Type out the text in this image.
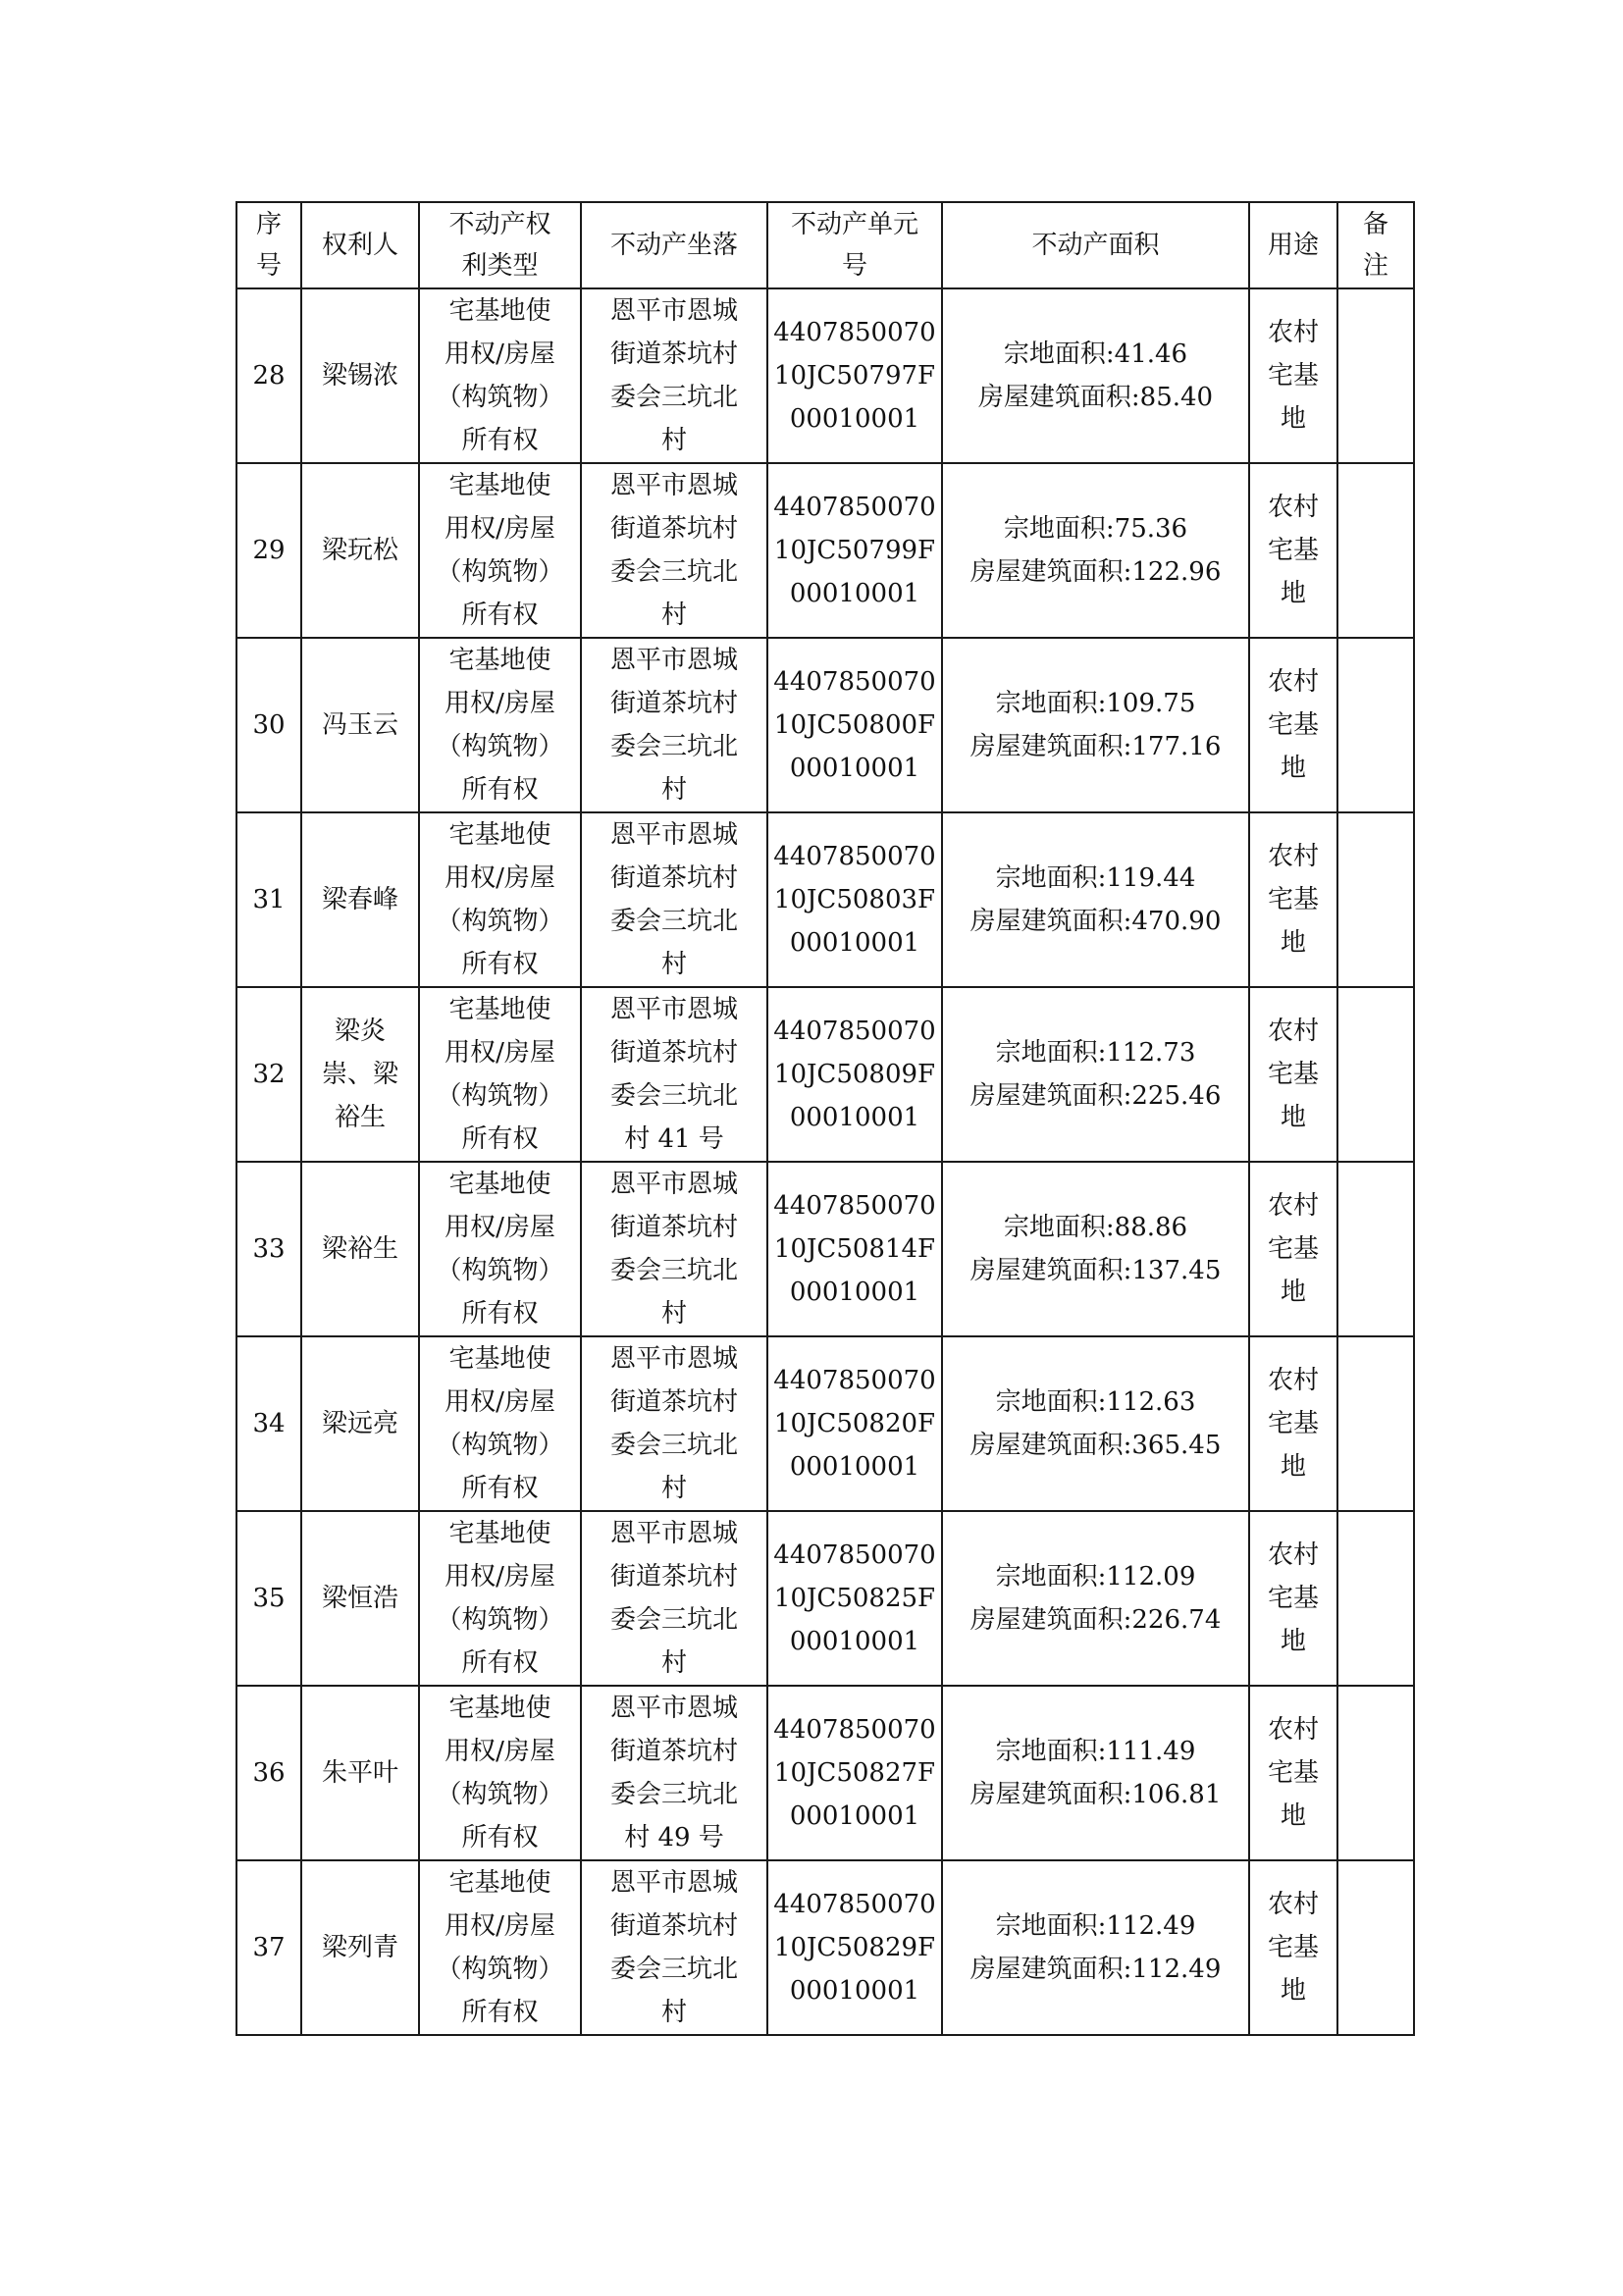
序
号	权利人	不动产权
利类型	不动产坐落	不动产单元
号	不动产面积	用途	备
注
28	梁锡浓	宅基地使
用权/房屋
（构筑物）
所有权	恩平市恩城
街道茶坑村
委会三坑北
村	4407850070
10JC50797F
00010001	宗地面积:41.46
房屋建筑面积:85.40	农村
宅基
地	
29	梁玩松	宅基地使
用权/房屋
（构筑物）
所有权	恩平市恩城
街道茶坑村
委会三坑北
村	4407850070
10JC50799F
00010001	宗地面积:75.36
房屋建筑面积:122.96	农村
宅基
地	
30	冯玉云	宅基地使
用权/房屋
（构筑物）
所有权	恩平市恩城
街道茶坑村
委会三坑北
村	4407850070
10JC50800F
00010001	宗地面积:109.75
房屋建筑面积:177.16	农村
宅基
地	
31	梁春峰	宅基地使
用权/房屋
（构筑物）
所有权	恩平市恩城
街道茶坑村
委会三坑北
村	4407850070
10JC50803F
00010001	宗地面积:119.44
房屋建筑面积:470.90	农村
宅基
地	
32	梁炎
崇、梁
裕生	宅基地使
用权/房屋
（构筑物）
所有权	恩平市恩城
街道茶坑村
委会三坑北
村 41 号	4407850070
10JC50809F
00010001	宗地面积:112.73
房屋建筑面积:225.46	农村
宅基
地	
33	梁裕生	宅基地使
用权/房屋
（构筑物）
所有权	恩平市恩城
街道茶坑村
委会三坑北
村	4407850070
10JC50814F
00010001	宗地面积:88.86
房屋建筑面积:137.45	农村
宅基
地	
34	梁远亮	宅基地使
用权/房屋
（构筑物）
所有权	恩平市恩城
街道茶坑村
委会三坑北
村	4407850070
10JC50820F
00010001	宗地面积:112.63
房屋建筑面积:365.45	农村
宅基
地	
35	梁恒浩	宅基地使
用权/房屋
（构筑物）
所有权	恩平市恩城
街道茶坑村
委会三坑北
村	4407850070
10JC50825F
00010001	宗地面积:112.09
房屋建筑面积:226.74	农村
宅基
地	
36	朱平叶	宅基地使
用权/房屋
（构筑物）
所有权	恩平市恩城
街道茶坑村
委会三坑北
村 49 号	4407850070
10JC50827F
00010001	宗地面积:111.49
房屋建筑面积:106.81	农村
宅基
地	
37	梁列青	宅基地使
用权/房屋
（构筑物）
所有权	恩平市恩城
街道茶坑村
委会三坑北
村	4407850070
10JC50829F
00010001	宗地面积:112.49
房屋建筑面积:112.49	农村
宅基
地	
